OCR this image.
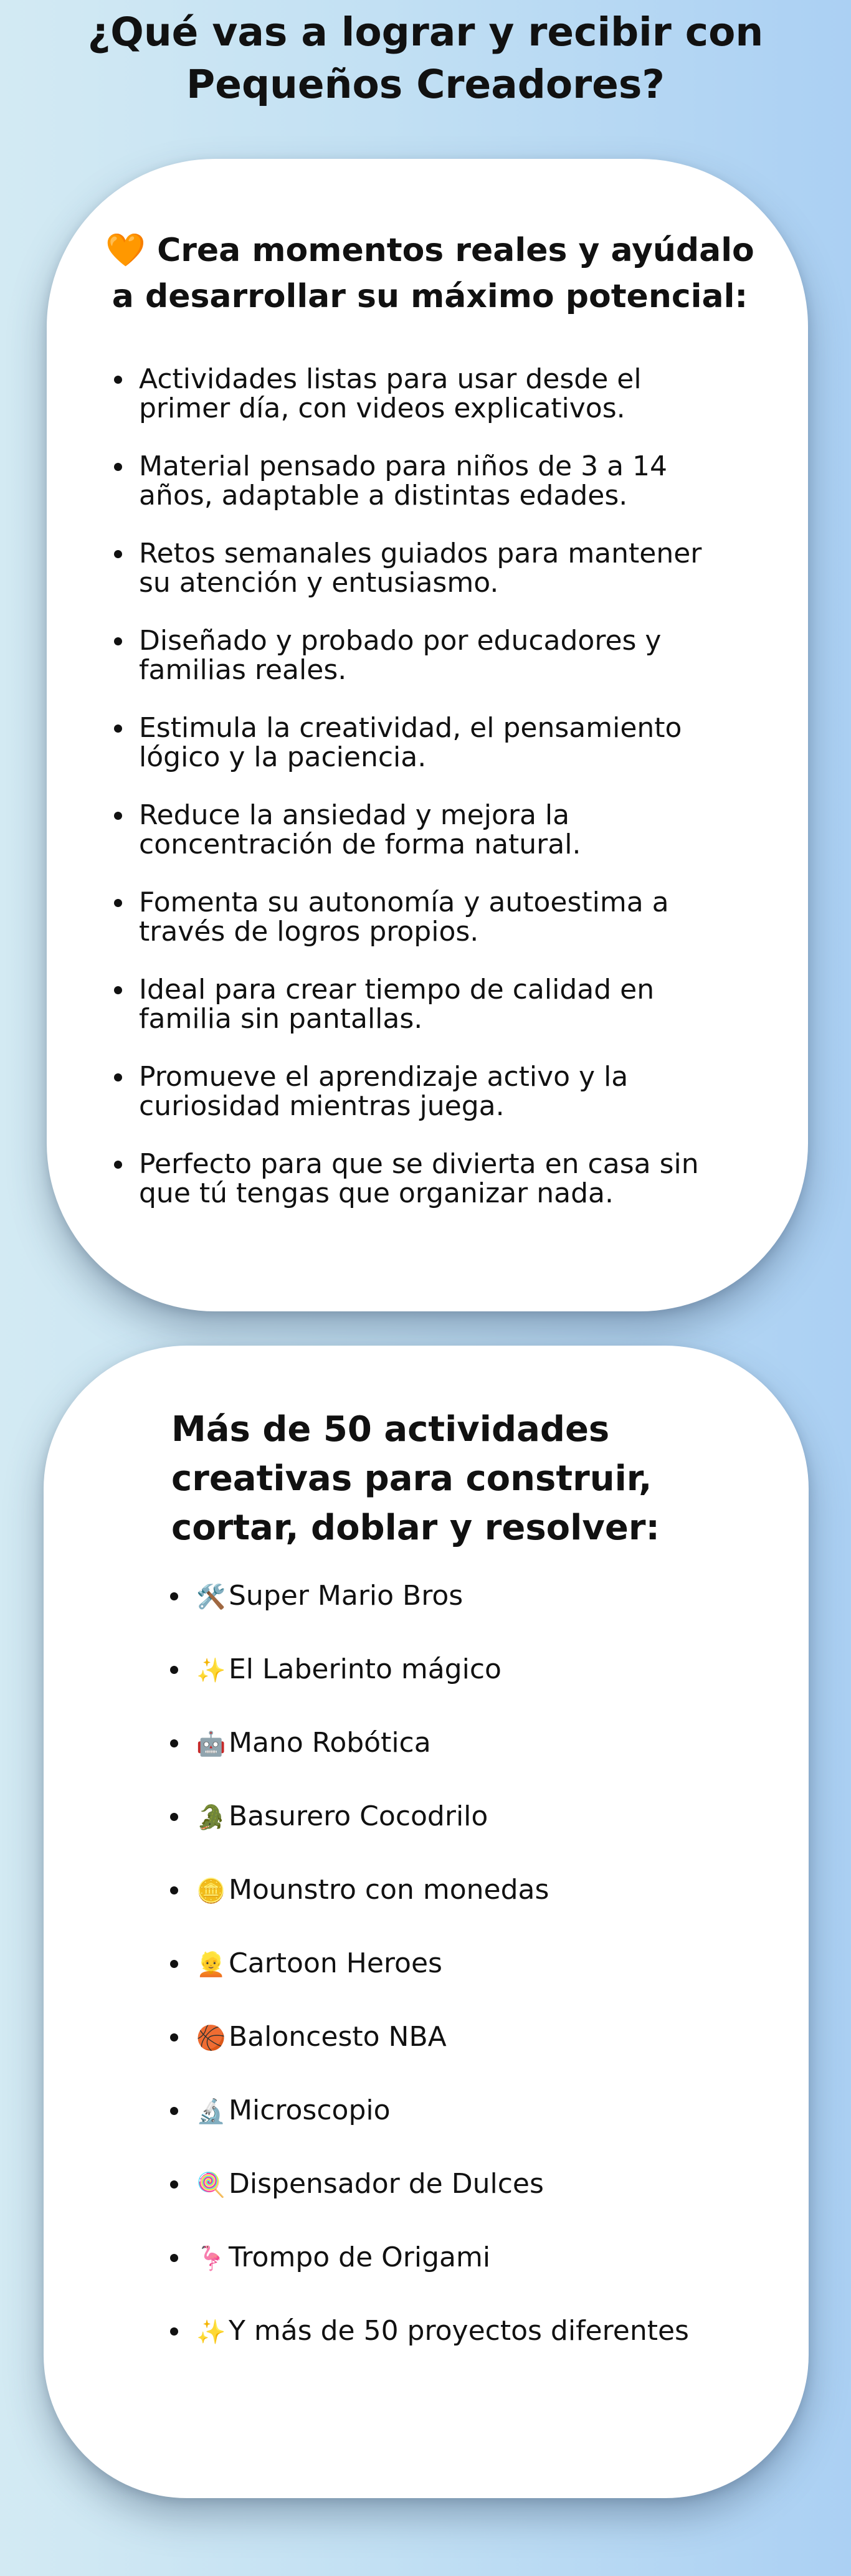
¿Qué vas a lograr y recibir con
Pequeños Creadores?
🧡 Crea momentos reales y ayúdalo
a desarrollar su máximo potencial:
Actividades listas para usar desde el
primer día, con videos explicativos.
Material pensado para niños de 3 a 14
años, adaptable a distintas edades.
Retos semanales guiados para mantener
su atención y entusiasmo.
Diseñado y probado por educadores y
familias reales.
Estimula la creatividad, el pensamiento
lógico y la paciencia.
Reduce la ansiedad y mejora la
concentración de forma natural.
Fomenta su autonomía y autoestima a
través de logros propios.
Ideal para crear tiempo de calidad en
familia sin pantallas.
Promueve el aprendizaje activo y la
curiosidad mientras juega.
Perfecto para que se divierta en casa sin
que tú tengas que organizar nada.
Más de 50 actividades
creativas para construir,
cortar, doblar y resolver:
🛠️ Super Mario Bros
✨ El Laberinto mágico
🤖 Mano Robótica
🐊 Basurero Cocodrilo
🪙 Mounstro con monedas
👱 Cartoon Heroes
🏀 Baloncesto NBA
🔬 Microscopio
🍭 Dispensador de Dulces
🦩 Trompo de Origami
✨ Y más de 50 proyectos diferentes
